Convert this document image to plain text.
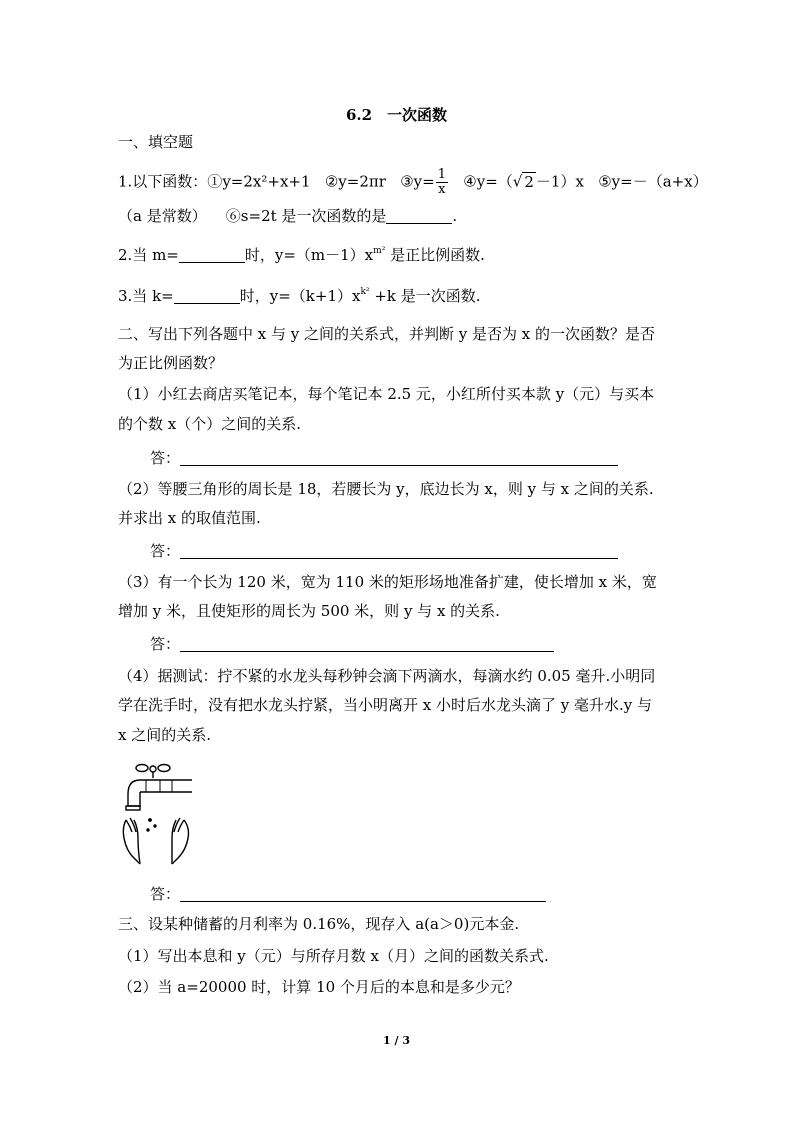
6.2　一次函数
一、填空题
1.以下函数：①y=2x²+x+1 ②y=2πr ③y= $\frac{1}{x}$ ④y=（√ 2 －1）x ⑤y=－（a+x）
（a 是常数） ⑥s=2t 是一次函数的是	.
2.当 m=	时，$y=(m-1)x^{m^2}$ 是正比例函数.
3.当 k=	时，$y=(k+1)x^{k^2} +k$ 是一次函数.
二、写出下列各题中 x 与 y 之间的关系式，并判断 y 是否为 x 的一次函数？是否
为正比例函数？
（1）小红去商店买笔记本，每个笔记本 2.5 元，小红所付买本款 y（元）与买本
的个数 x（个）之间的关系.
答：
（2）等腰三角形的周长是 18，若腰长为 y，底边长为 x，则 y 与 x 之间的关系.
并求出 x 的取值范围.
答：
（3）有一个长为 120 米，宽为 110 米的矩形场地准备扩建，使长增加 x 米，宽
增加 y 米，且使矩形的周长为 500 米，则 y 与 x 的关系.
答：
（4）据测试：拧不紧的水龙头每秒钟会滴下两滴水，每滴水约 0.05 毫升.小明同
学在洗手时，没有把水龙头拧紧，当小明离开 x 小时后水龙头滴了 y 毫升水.y 与
x 之间的关系.
答：
三、设某种储蓄的月利率为 0.16%，现存入 a(a＞0)元本金.
（1）写出本息和 y（元）与所存月数 x（月）之间的函数关系式.
（2）当 a=20000 时，计算 10 个月后的本息和是多少元？
1 / 3
